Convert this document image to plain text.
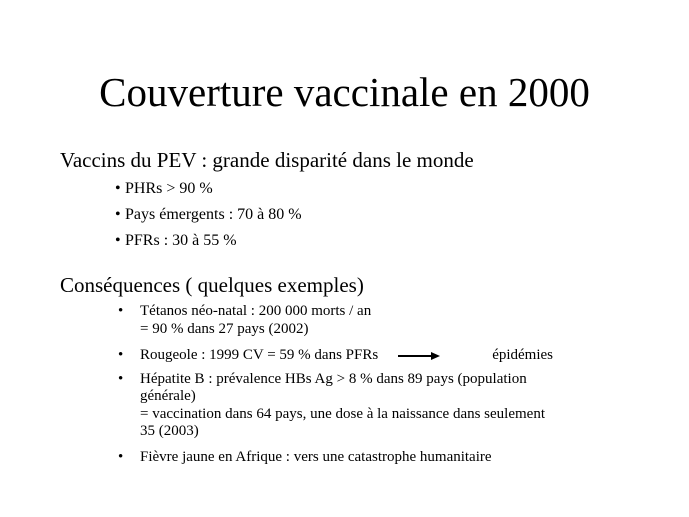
Couverture vaccinale en 2000
Vaccins du PEV : grande disparité dans le monde
• PHRs > 90 %
• Pays émergents : 70 à 80 %
• PFRs : 30 à 55 %
Conséquences ( quelques exemples)
• Tétanos néo-natal : 200 000 morts / an
= 90 % dans 27 pays (2002)
• Rougeole : 1999 CV = 59 % dans PFRs	épidémies
• Hépatite B : prévalence HBs Ag > 8 % dans 89 pays (population
générale)
= vaccination dans 64 pays, une dose à la naissance dans seulement
35 (2003)
• Fièvre jaune en Afrique : vers une catastrophe humanitaire
